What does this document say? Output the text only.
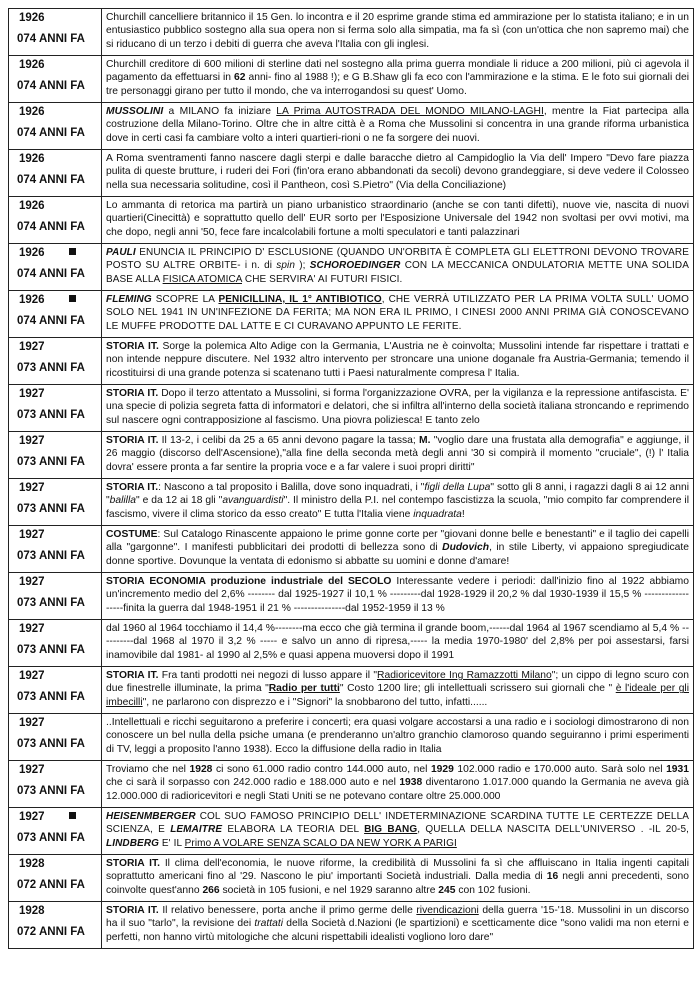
1926
074 ANNI FA	Churchill cancelliere britannico il 15 Gen. lo incontra e il 20 esprime grande stima ed ammirazione per lo statista italiano; e in un entusiastico pubblico sostegno alla sua opera non si ferma solo alla simpatia, ma fa sì (con un'ottica che non sapremo mai) che si riducano di un terzo i debiti di guerra che aveva l'Italia con gli inglesi.

1926
074 ANNI FA	Churchill creditore di 600 milioni di sterline dati nel sostegno alla prima guerra mondiale li riduce a 200 milioni, più ci agevola il pagamento da effettuarsi in 62 anni- fino al 1988 !); e G B.Shaw gli fa eco con l'ammirazione e la stima. E le foto sui giornali dei tre personaggi girano per tutto il mondo, che va interrogandosi su quest' Uomo.

1926
074 ANNI FA	MUSSOLINI a MILANO fa iniziare LA Prima AUTOSTRADA DEL MONDO MILANO-LAGHI, mentre la Fiat partecipa alla costruzione della Milano-Torino. Oltre che in altre città è a Roma che Mussolini si concentra in una grande riforma urbanistica dove in certi casi fa cambiare volto a interi quartieri-rioni o ne fa sorgere dei nuovi.

1926
074 ANNI FA	A Roma sventramenti fanno nascere dagli sterpi e dalle baracche dietro al Campidoglio la Via dell' Impero "Devo fare piazza pulita di queste brutture, i ruderi dei Fori (fin'ora erano abbandonati da secoli) devono grandeggiare, si deve vedere il Colosseo nella sua necessaria solitudine, così il Pantheon, così S.Pietro" (Via della Conciliazione)

1926
074 ANNI FA	Lo ammanta di retorica ma partirà un piano urbanistico straordinario (anche se con tanti difetti), nuove vie, nascita di nuovi quartieri(Cinecittà) e soprattutto quello dell' EUR sorto per l'Esposizione Universale del 1942 non svoltasi per ovvi motivi, ma che dopo, negli anni '50, fece fare incalcolabili fortune a molti speculatori e tanti palazzinari

1926
074 ANNI FA	PAULI ENUNCIA IL PRINCIPIO D' ESCLUSIONE (QUANDO UN'ORBITA È COMPLETA GLI ELETTRONI DEVONO TROVARE POSTO SU ALTRE ORBITE- i n. di spin ); SCHOROEDINGER CON LA MECCANICA ONDULATORIA METTE UNA SOLIDA BASE ALLA FISICA ATOMICA CHE SERVIRA' AI FUTURI FISICI.

1926
074 ANNI FA	FLEMING SCOPRE LA PENICILLINA, IL 1° ANTIBIOTICO, CHE VERRÀ UTILIZZATO PER LA PRIMA VOLTA SULL' UOMO SOLO NEL 1941 IN UN'INFEZIONE DA FERITA; MA NON ERA IL PRIMO, I CINESI 2000 ANNI PRIMA GIÀ CONOSCEVANO LE MUFFE PRODOTTE DAL LATTE E CI CURAVANO APPUNTO LE FERITE.

1927
073 ANNI FA	STORIA IT. Sorge la polemica Alto Adige con la Germania, L'Austria ne è coinvolta; Mussolini intende far rispettare i trattati e non intende neppure discutere. Nel 1932 altro intervento per stroncare una unione doganale fra Austria-Germania; temendo il ricostituirsi di una grande potenza si scatenano tutti i Paesi naturalmente compresa l' Italia.

1927
073 ANNI FA	STORIA IT. Dopo il terzo attentato a Mussolini, si forma l'organizzazione OVRA, per la vigilanza e la repressione antifascista. E' una specie di polizia segreta fatta di informatori e delatori, che si infiltra all'interno della società italiana stroncando e reprimendo sul nascere ogni contrapposizione al fascismo. Una piovra poliziesca! E tanto zelo

1927
073 ANNI FA	STORIA IT. Il 13-2, i celibi da 25 a 65 anni devono pagare la tassa; M. "voglio dare una frustata alla demografia" e aggiunge, il 26 maggio (discorso dell'Ascensione),"alla fine della seconda metà degli anni '30 si compirà il momento "cruciale", (!) l' Italia dovra' essere pronta a far sentire la propria voce e a far valere i suoi propri diritti"

1927
073 ANNI FA	STORIA IT.: Nascono a tal proposito i Balilla, dove sono inquadrati, i "figli della Lupa" sotto gli 8 anni, i ragazzi dagli 8 ai 12 anni "balilla" e da 12 ai 18 gli "avanguardisti". Il ministro della P.I. nel contempo fascistizza la scuola, "mio compito far comprendere il fascismo, vivere il clima storico da esso creato" E tutta l'Italia viene inquadrata!

1927
073 ANNI FA	COSTUME: Sul Catalogo Rinascente appaiono le prime gonne corte per "giovani donne belle e benestanti" e il taglio dei capelli alla "gargonne". I manifesti pubblicitari dei prodotti di bellezza sono di Dudovich, in stile Liberty, vi appaiono spregiudicate donne sportive. Dovunque la ventata di edonismo si abbatte su uomini e donne d'amare!

1927
073 ANNI FA	STORIA ECONOMIA produzione industriale del SECOLO Interessante vedere i periodi: dall'inizio fino al 1922 abbiamo un'incremento medio del 2,6% -------- dal 1925-1927 il 10,1 % ---------dal 1928-1929 il 20,2 % dal 1930-1939 il 15,5 % ------------------finita la guerra dal 1948-1951 il 21 % ---------------dal 1952-1959 il 13 %

1927
073 ANNI FA	dal 1960 al 1964 tocchiamo il 14,4 %--------ma ecco che già termina il grande boom,------dal 1964 al 1967 scendiamo al 5,4 % ----------dal 1968 al 1970 il 3,2 % ----- e salvo un anno di ripresa,----- la media 1970-1980' del 2,8% per poi assestarsi, farsi inamovibile dal 1981- al 1990 al 2,5% e quasi appena muoversi dopo il 1991

1927
073 ANNI FA	STORIA IT. Fra tanti prodotti nei negozi di lusso appare il "Radioricevitore Ing Ramazzotti Milano"; un cippo di legno scuro con due finestrelle illuminate, la prima "Radio per tutti" Costo 1200 lire; gli intellettuali scrissero sui giornali che " è l'ideale per gli imbecilli", ne parlarono con disprezzo e i "Signori" la snobbarono del tutto, infatti......

1927
073 ANNI FA	..Intellettuali e ricchi seguitarono a preferire i concerti; era quasi volgare accostarsi a una radio e i sociologi dimostrarono di non conoscere un bel nulla della psiche umana (e prenderanno un'altro granchio clamoroso quando seguiranno i primi esperimenti di TV, leggi a proposito l'anno 1938). Ecco la diffusione della radio in Italia

1927
073 ANNI FA	Troviamo che nel 1928 ci sono 61.000 radio contro 144.000 auto, nel 1929 102.000 radio e 170.000 auto. Sarà solo nel 1931 che ci sarà il sorpasso con 242.000 radio e 188.000 auto e nel 1938 diventarono 1.017.000 quando la Germania ne aveva già 12.000.000 di radioricevitori e negli Stati Uniti se ne potevano contare oltre 25.000.000

1927
073 ANNI FA	HEISENMBERGER COL SUO FAMOSO PRINCIPIO DELL' INDETERMINAZIONE SCARDINA TUTTE LE CERTEZZE DELLA SCIENZA, E LEMAITRE ELABORA LA TEORIA DEL BIG BANG, QUELLA DELLA NASCITA DELL'UNIVERSO . -IL 20-5, LINDBERG E' IL Primo A VOLARE SENZA SCALO DA NEW YORK A PARIGI

1928
072 ANNI FA	STORIA IT. Il clima dell'economia, le nuove riforme, la credibilità di Mussolini fa sì che affluiscano in Italia ingenti capitali soprattutto americani fino al '29. Nascono le piu' importanti Società industriali. Dalla media di 16 negli anni precedenti, sono coinvolte quest'anno 266 società in 105 fusioni, e nel 1929 saranno altre 245 con 102 fusioni.

1928
072 ANNI FA	STORIA IT. Il relativo benessere, porta anche il primo germe delle rivendicazioni della guerra '15-'18. Mussolini in un discorso ha il suo "tarlo", la revisione dei trattati della Società d.Nazioni (le spartizioni) e scetticamente dice "sono validi ma non eterni e perfetti, non hanno virtù mitologiche che alcuni rispettabili idealisti vogliono loro dare"
